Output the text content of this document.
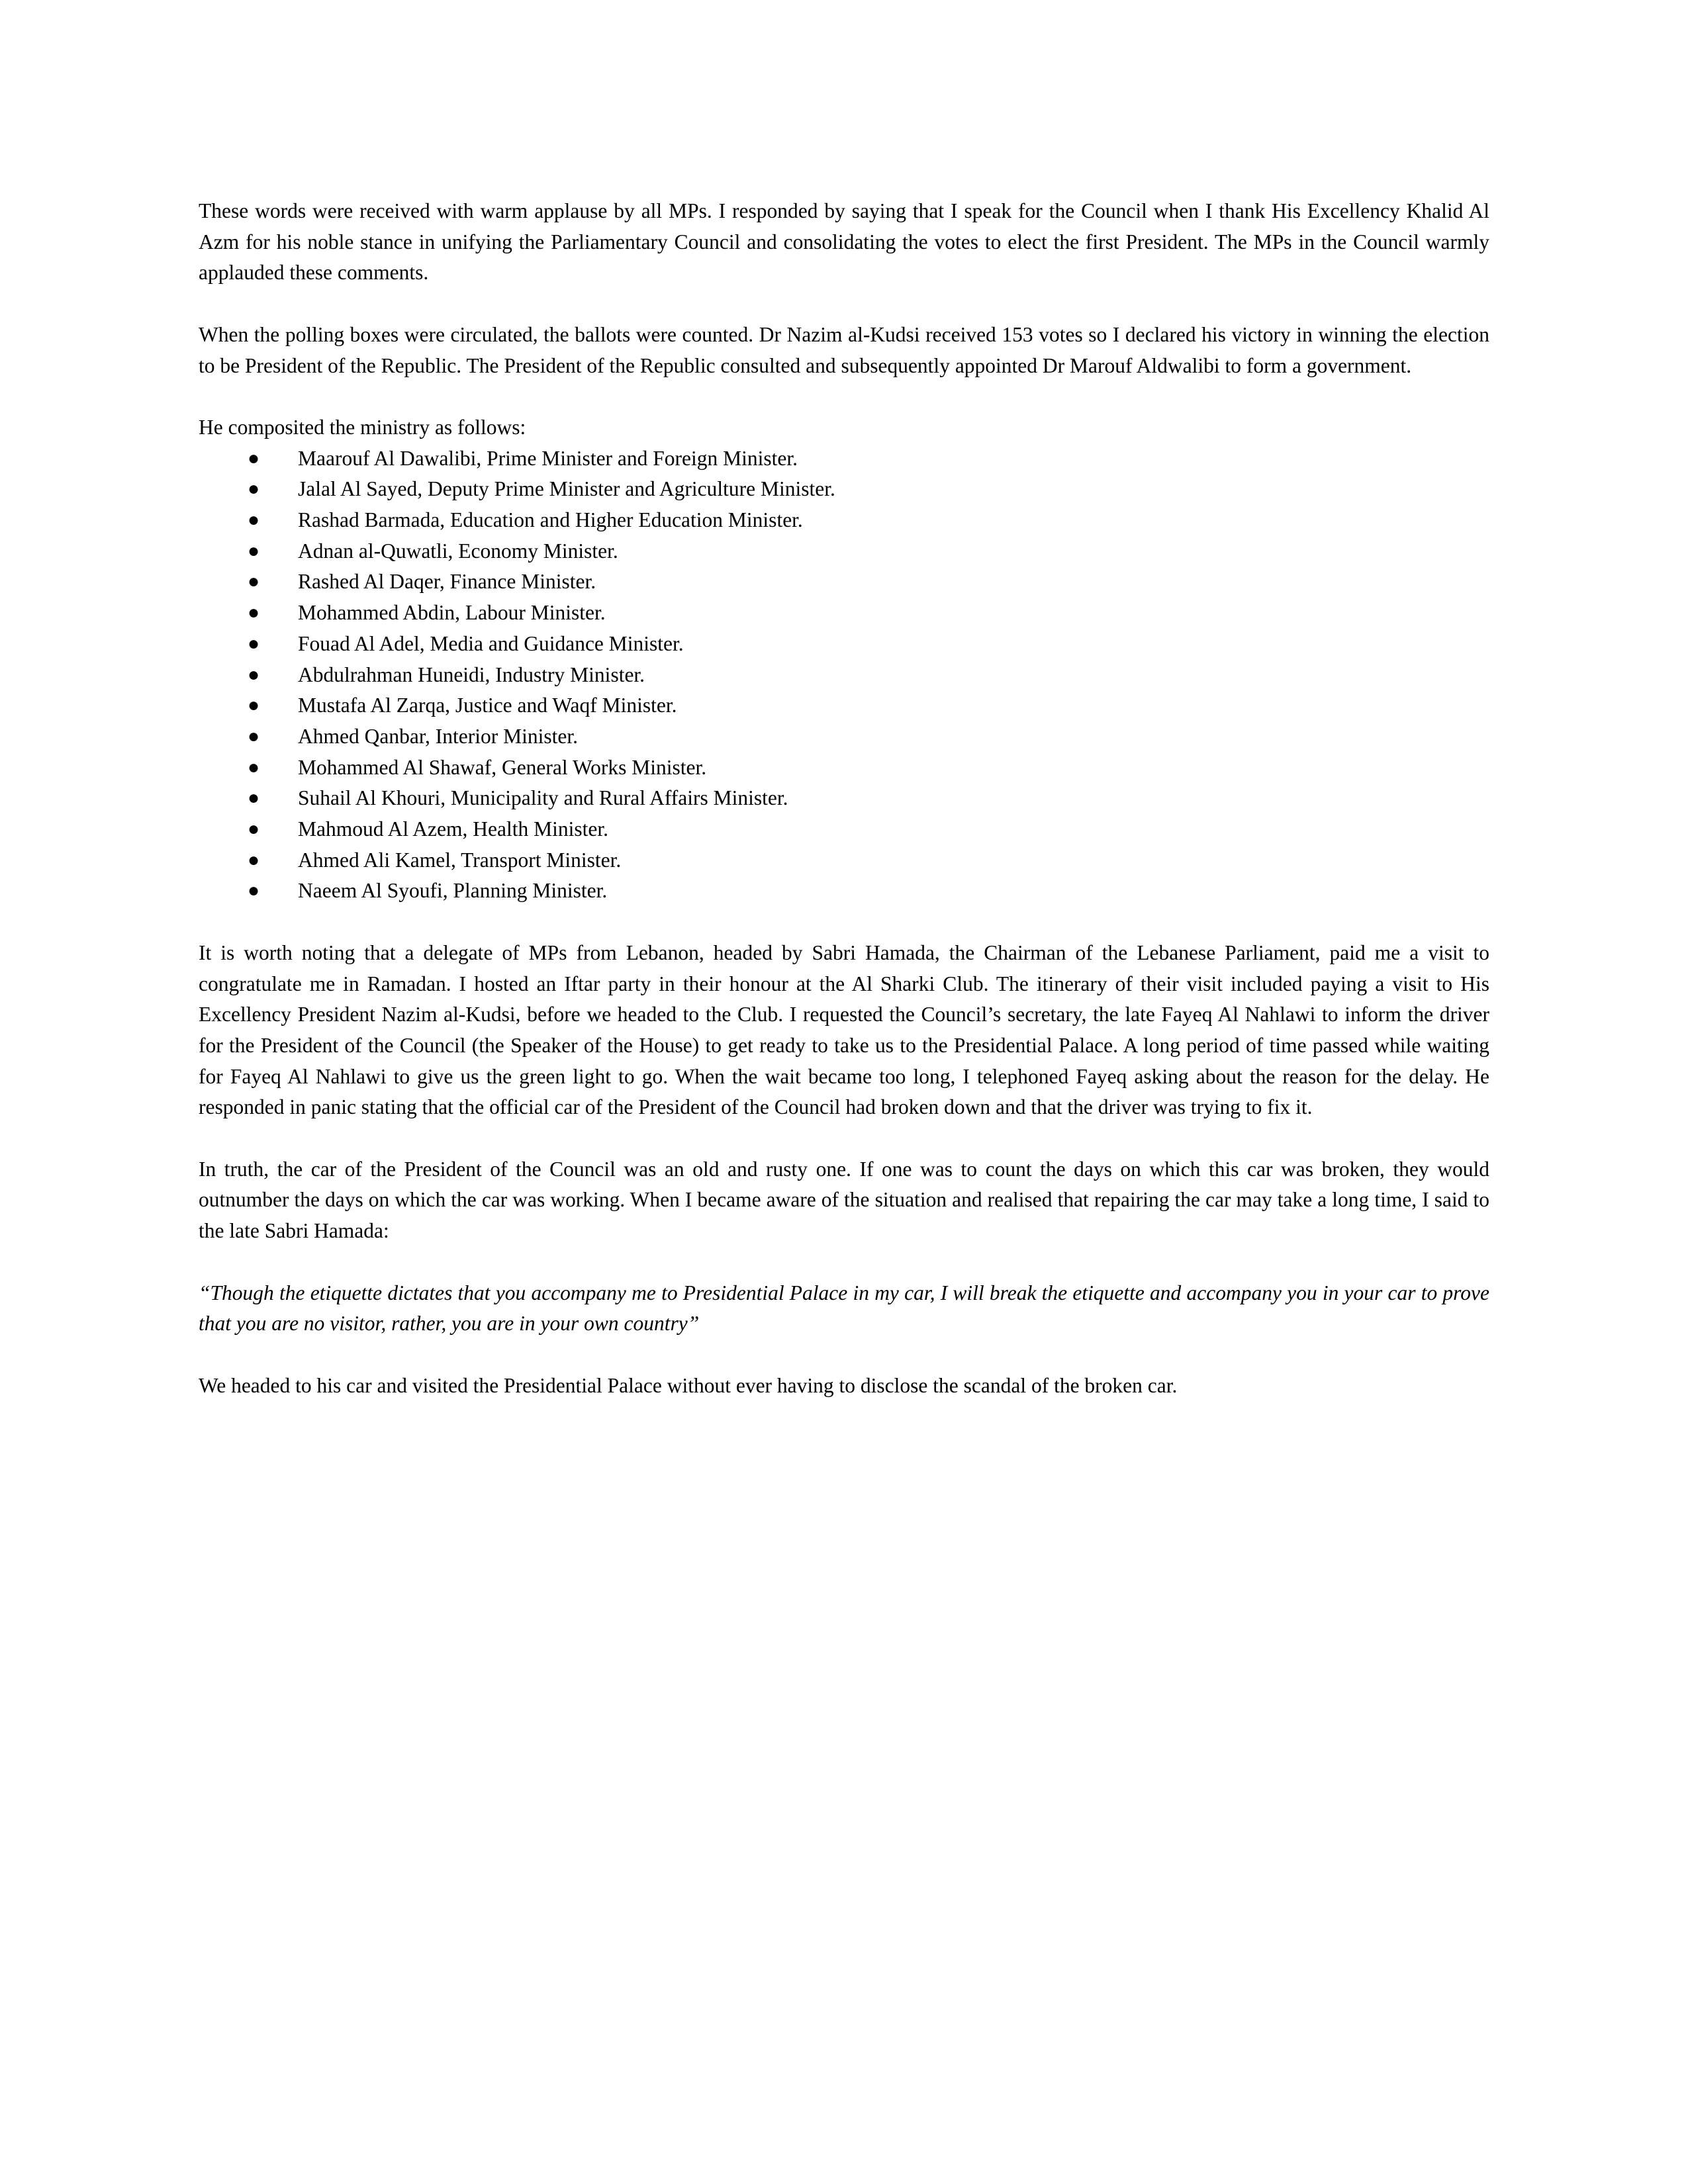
These words were received with warm applause by all MPs. I responded by saying that I speak for the Council when I thank His Excellency Khalid Al Azm for his noble stance in unifying the Parliamentary Council and consolidating the votes to elect the first President. The MPs in the Council warmly applauded these comments.

When the polling boxes were circulated, the ballots were counted. Dr Nazim al-Kudsi received 153 votes so I declared his victory in winning the election to be President of the Republic. The President of the Republic consulted and subsequently appointed Dr Marouf Aldwalibi to form a government.

He composited the ministry as follows:

● Maarouf Al Dawalibi, Prime Minister and Foreign Minister.
● Jalal Al Sayed, Deputy Prime Minister and Agriculture Minister.
● Rashad Barmada, Education and Higher Education Minister.
● Adnan al-Quwatli, Economy Minister.
● Rashed Al Daqer, Finance Minister.
● Mohammed Abdin, Labour Minister.
● Fouad Al Adel, Media and Guidance Minister.
● Abdulrahman Huneidi, Industry Minister.
● Mustafa Al Zarqa, Justice and Waqf Minister.
● Ahmed Qanbar, Interior Minister.
● Mohammed Al Shawaf, General Works Minister.
● Suhail Al Khouri, Municipality and Rural Affairs Minister.
● Mahmoud Al Azem, Health Minister.
● Ahmed Ali Kamel, Transport Minister.
● Naeem Al Syoufi, Planning Minister.

It is worth noting that a delegate of MPs from Lebanon, headed by Sabri Hamada, the Chairman of the Lebanese Parliament, paid me a visit to congratulate me in Ramadan. I hosted an Iftar party in their honour at the Al Sharki Club. The itinerary of their visit included paying a visit to His Excellency President Nazim al-Kudsi, before we headed to the Club. I requested the Council’s secretary, the late Fayeq Al Nahlawi to inform the driver for the President of the Council (the Speaker of the House) to get ready to take us to the Presidential Palace. A long period of time passed while waiting for Fayeq Al Nahlawi to give us the green light to go. When the wait became too long, I telephoned Fayeq asking about the reason for the delay. He responded in panic stating that the official car of the President of the Council had broken down and that the driver was trying to fix it.

In truth, the car of the President of the Council was an old and rusty one. If one was to count the days on which this car was broken, they would outnumber the days on which the car was working. When I became aware of the situation and realised that repairing the car may take a long time, I said to the late Sabri Hamada:

“Though the etiquette dictates that you accompany me to Presidential Palace in my car, I will break the etiquette and accompany you in your car to prove that you are no visitor, rather, you are in your own country”

We headed to his car and visited the Presidential Palace without ever having to disclose the scandal of the broken car.
